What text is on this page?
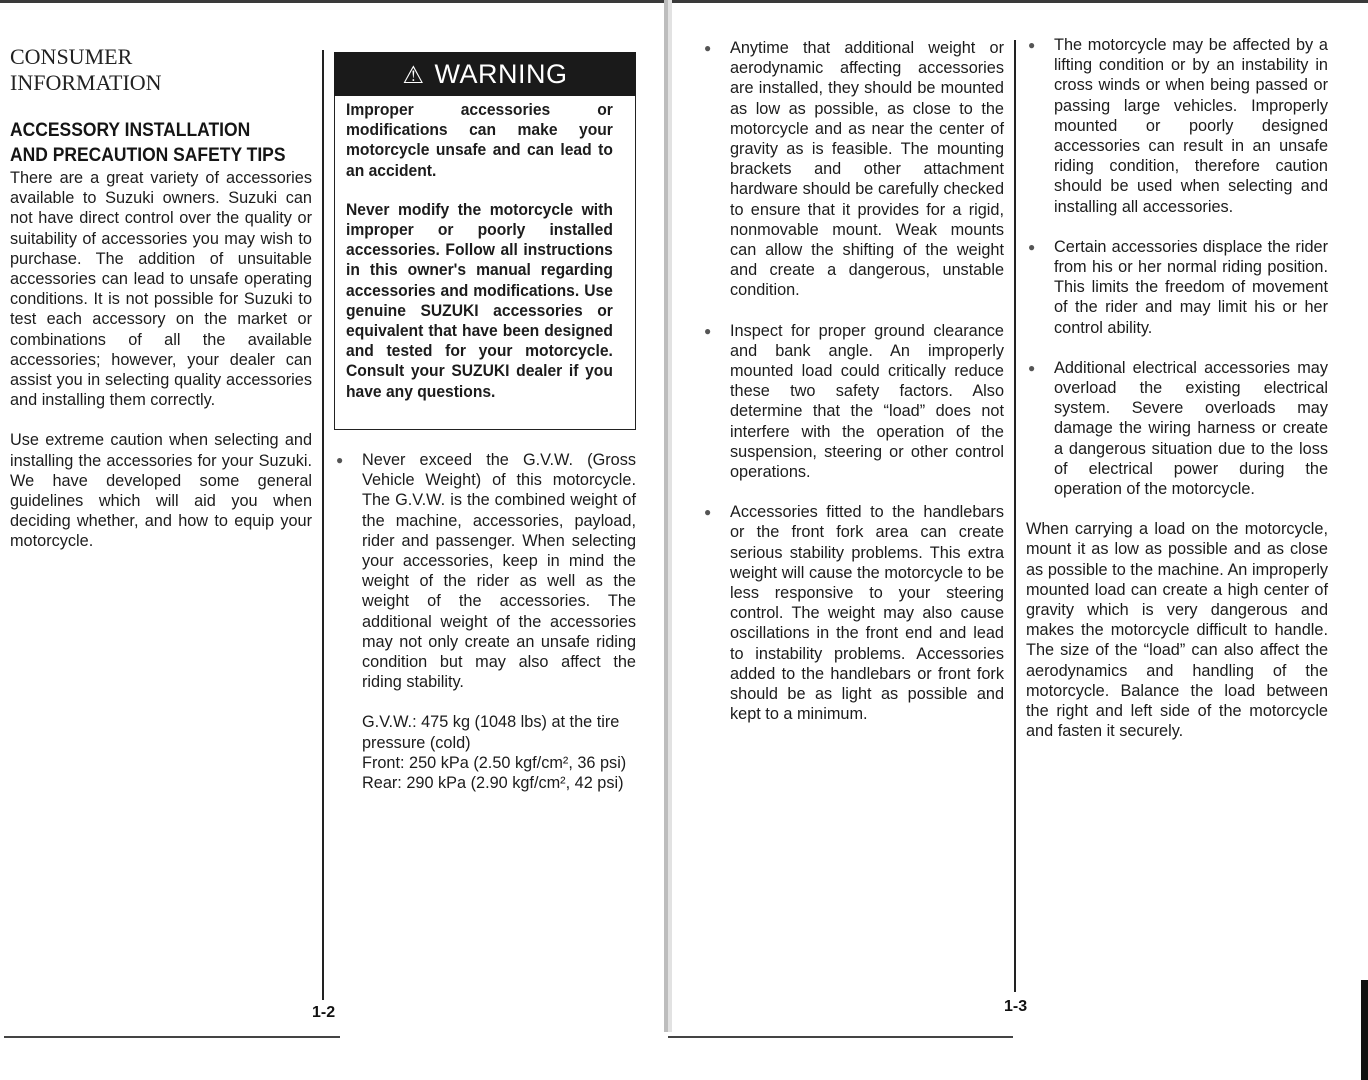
CONSUMER
INFORMATION
ACCESSORY INSTALLATION AND PRECAUTION SAFETY TIPS

There are a great variety of accessories available to Suzuki owners. Suzuki can not have direct control over the quality or suitability of accessories you may wish to purchase. The addition of unsuitable accessories can lead to unsafe operating conditions. It is not possible for Suzuki to test each accessory on the market or combinations of all the available accessories; however, your dealer can assist you in selecting quality accessories and installing them correctly.

Use extreme caution when selecting and installing the accessories for your Suzuki. We have developed some general guidelines which will aid you when deciding whether, and how to equip your motorcycle.

⚠ WARNING

Improper accessories or modifications can make your motorcycle unsafe and can lead to an accident.

Never modify the motorcycle with improper or poorly installed accessories. Follow all instructions in this owner's manual regarding accessories and modifications. Use genuine SUZUKI accessories or equivalent that have been designed and tested for your motorcycle. Consult your SUZUKI dealer if you have any questions.

● Never exceed the G.V.W. (Gross Vehicle Weight) of this motorcycle. The G.V.W. is the combined weight of the machine, accessories, payload, rider and passenger. When selecting your accessories, keep in mind the weight of the rider as well as the weight of the accessories. The additional weight of the accessories may not only create an unsafe riding condition but may also affect the riding stability.
G.V.W.: 475 kg (1048 lbs) at the tire pressure (cold)
Front: 250 kPa (2.50 kgf/cm², 36 psi)
Rear: 290 kPa (2.90 kgf/cm², 42 psi)
1-2
● Anytime that additional weight or aerodynamic affecting accessories are installed, they should be mounted as low as possible, as close to the motorcycle and as near the center of gravity as is feasible. The mounting brackets and other attachment hardware should be carefully checked to ensure that it provides for a rigid, nonmovable mount. Weak mounts can allow the shifting of the weight and create a dangerous, unstable condition.
● Inspect for proper ground clearance and bank angle. An improperly mounted load could critically reduce these two safety factors. Also determine that the “load” does not interfere with the operation of the suspension, steering or other control operations.
● Accessories fitted to the handlebars or the front fork area can create serious stability problems. This extra weight will cause the motorcycle to be less responsive to your steering control. The weight may also cause oscillations in the front end and lead to instability problems. Accessories added to the handlebars or front fork should be as light as possible and kept to a minimum.
● The motorcycle may be affected by a lifting condition or by an instability in cross winds or when being passed or passing large vehicles. Improperly mounted or poorly designed accessories can result in an unsafe riding condition, therefore caution should be used when selecting and installing all accessories.
● Certain accessories displace the rider from his or her normal riding position. This limits the freedom of movement of the rider and may limit his or her control ability.
● Additional electrical accessories may overload the existing electrical system. Severe overloads may damage the wiring harness or create a dangerous situation due to the loss of electrical power during the operation of the motorcycle.
When carrying a load on the motorcycle, mount it as low as possible and as close as possible to the machine. An improperly mounted load can create a high center of gravity which is very dangerous and makes the motorcycle difficult to handle. The size of the “load” can also affect the aerodynamics and handling of the motorcycle. Balance the load between the right and left side of the motorcycle and fasten it securely.
1-3
